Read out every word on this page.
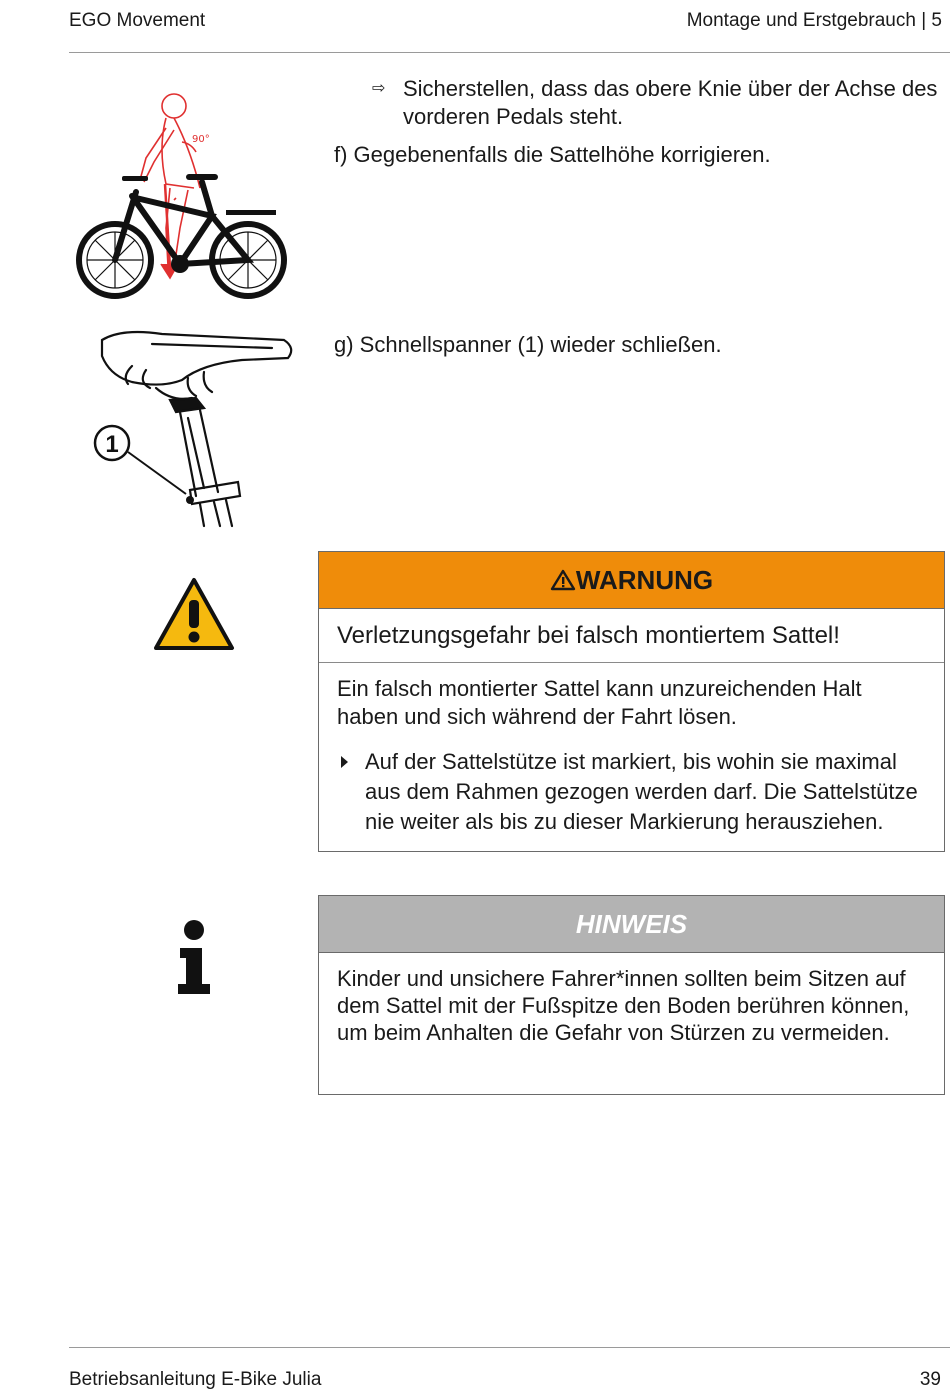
EGO Movement	Montage und Erstgebrauch | 5
90°
⇨ Sicherstellen, dass das obere Knie über der Achse des vorderen Pedals steht.
f) Gegebenenfalls die Sattelhöhe korrigieren.
1
g) Schnellspanner (1) wieder schließen.
WARNUNG
Verletzungsgefahr bei falsch montiertem Sattel!
Ein falsch montierter Sattel kann unzureichenden Halt haben und sich während der Fahrt lösen.
Auf der Sattelstütze ist markiert, bis wohin sie maximal aus dem Rahmen gezogen werden darf. Die Sattelstütze nie weiter als bis zu dieser Markierung herausziehen.
HINWEIS
Kinder und unsichere Fahrer*innen sollten beim Sitzen auf dem Sattel mit der Fußspitze den Boden berühren können, um beim Anhalten die Gefahr von Stürzen zu vermeiden.
Betriebsanleitung E-Bike Julia	39
